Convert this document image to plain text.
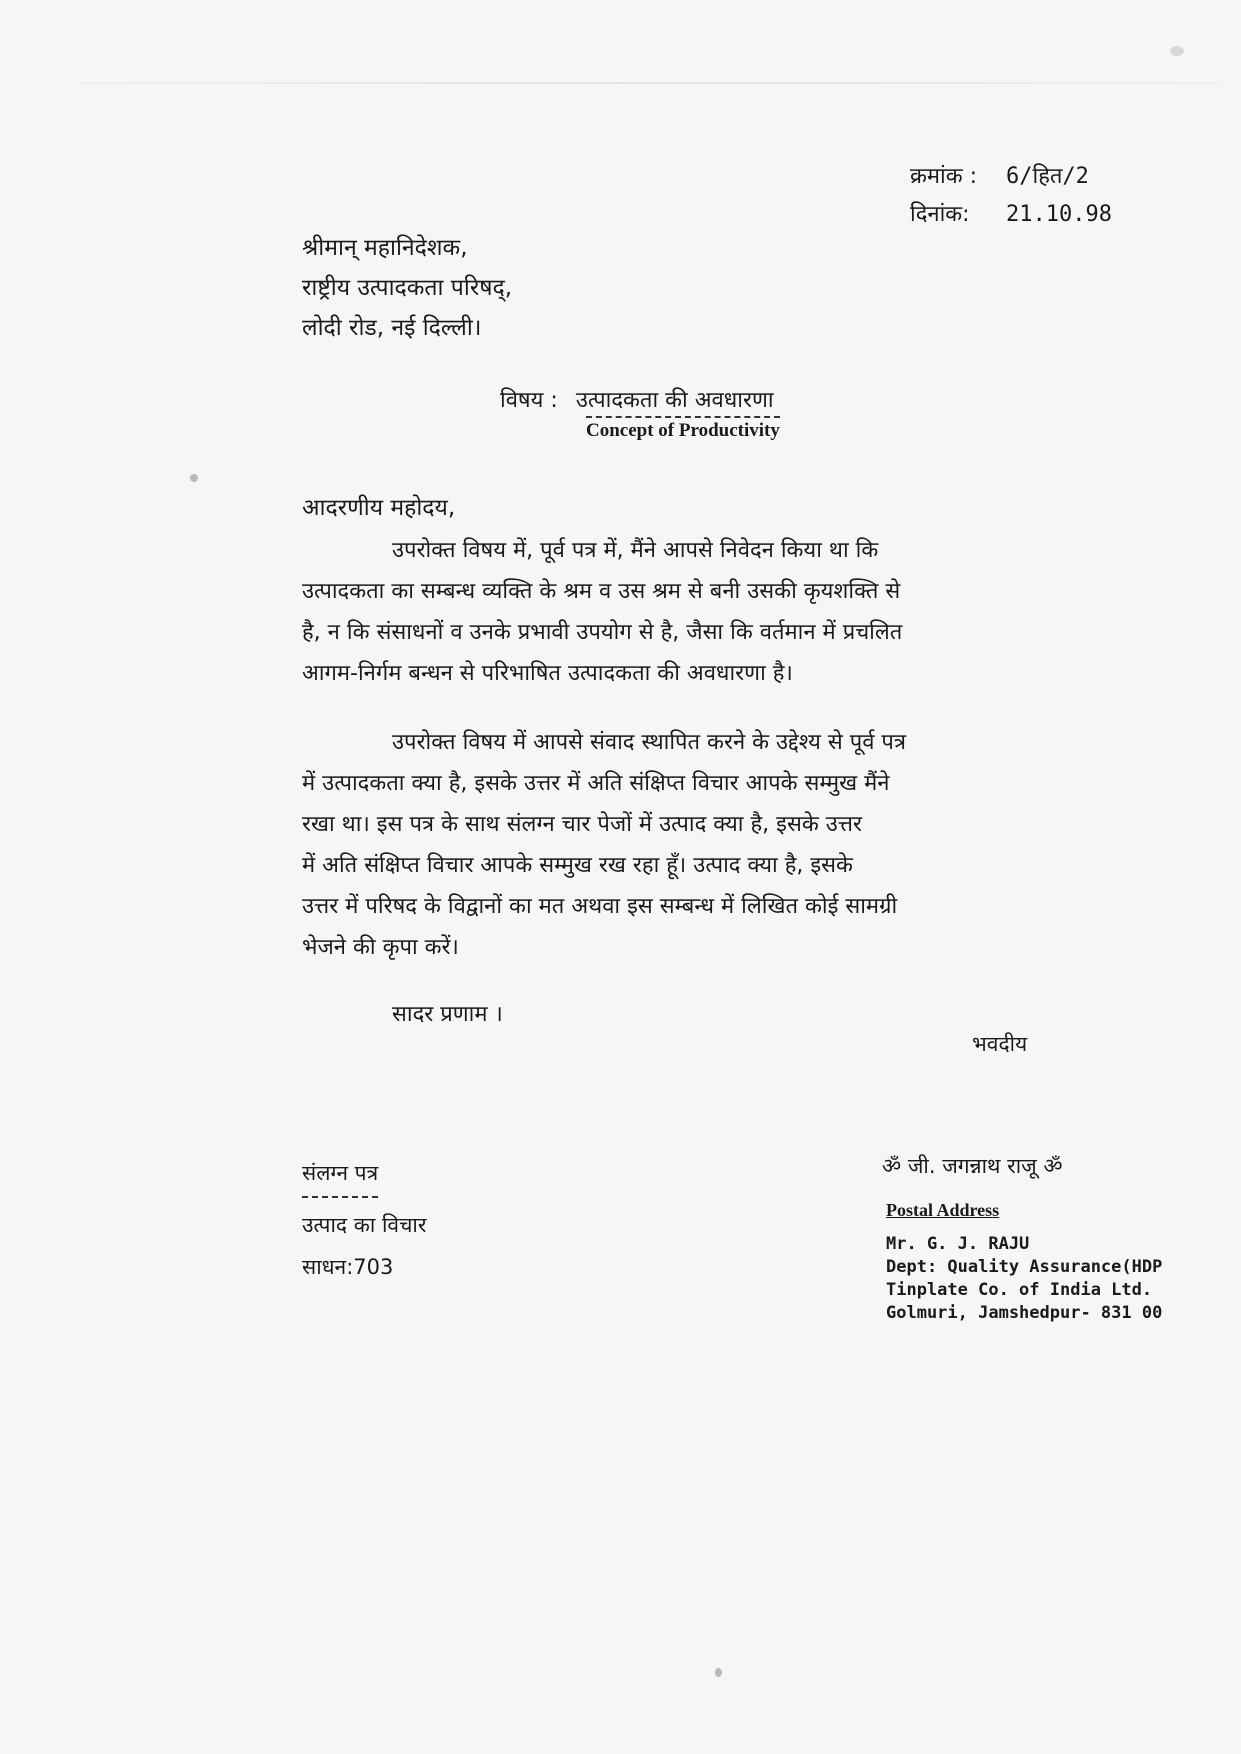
क्रमांक :	6/हित/2
दिनांक:	21.10.98
श्रीमान् महानिदेशक,
राष्ट्रीय उत्पादकता परिषद्,
लोदी रोड, नई दिल्ली।
विषय : उत्पादकता की अवधारणा
Concept of Productivity
आदरणीय महोदय,
उपरोक्त विषय में, पूर्व पत्र में, मैंने आपसे निवेदन किया था कि
उत्पादकता का सम्बन्ध व्यक्ति के श्रम व उस श्रम से बनी उसकी कृयशक्ति से
है, न कि संसाधनों व उनके प्रभावी उपयोग से है, जैसा कि वर्तमान में प्रचलित
आगम-निर्गम बन्धन से परिभाषित उत्पादकता की अवधारणा है।
उपरोक्त विषय में आपसे संवाद स्थापित करने के उद्देश्य से पूर्व पत्र
में उत्पादकता क्या है, इसके उत्तर में अति संक्षिप्त विचार आपके सम्मुख मैंने
रखा था। इस पत्र के साथ संलग्न चार पेजों में उत्पाद क्या है, इसके उत्तर
में अति संक्षिप्त विचार आपके सम्मुख रख रहा हूँ। उत्पाद क्या है, इसके
उत्तर में परिषद के विद्वानों का मत अथवा इस सम्बन्ध में लिखित कोई सामग्री
भेजने की कृपा करें।
सादर प्रणाम ।
भवदीय
संलग्न पत्र
उत्पाद का विचार
साधन:703
ॐ जी. जगन्नाथ राजू ॐ
Postal Address
Mr. G. J. RAJU
Dept: Quality Assurance(HDP
Tinplate Co. of India Ltd.
Golmuri, Jamshedpur- 831 00
